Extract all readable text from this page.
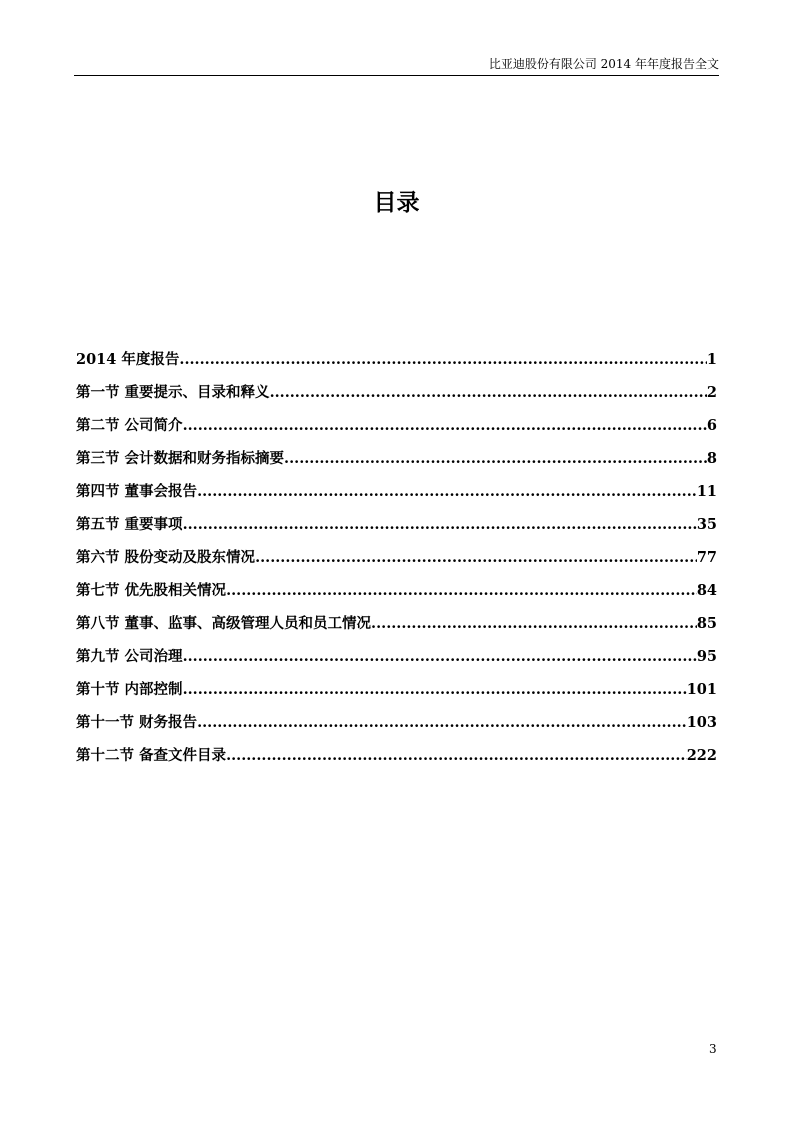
比亚迪股份有限公司 2014 年年度报告全文
目录
2014 年度报告 .....	1
第一节 重要提示、目录和释义 .....	2
第二节 公司简介 .....	6
第三节 会计数据和财务指标摘要 .....	8
第四节 董事会报告 .....	11
第五节 重要事项 .....	35
第六节 股份变动及股东情况 .....	77
第七节 优先股相关情况 .....	84
第八节 董事、监事、高级管理人员和员工情况 .....	85
第九节 公司治理 .....	95
第十节 内部控制 .....	101
第十一节 财务报告 .....	103
第十二节 备查文件目录 .....	222
3
